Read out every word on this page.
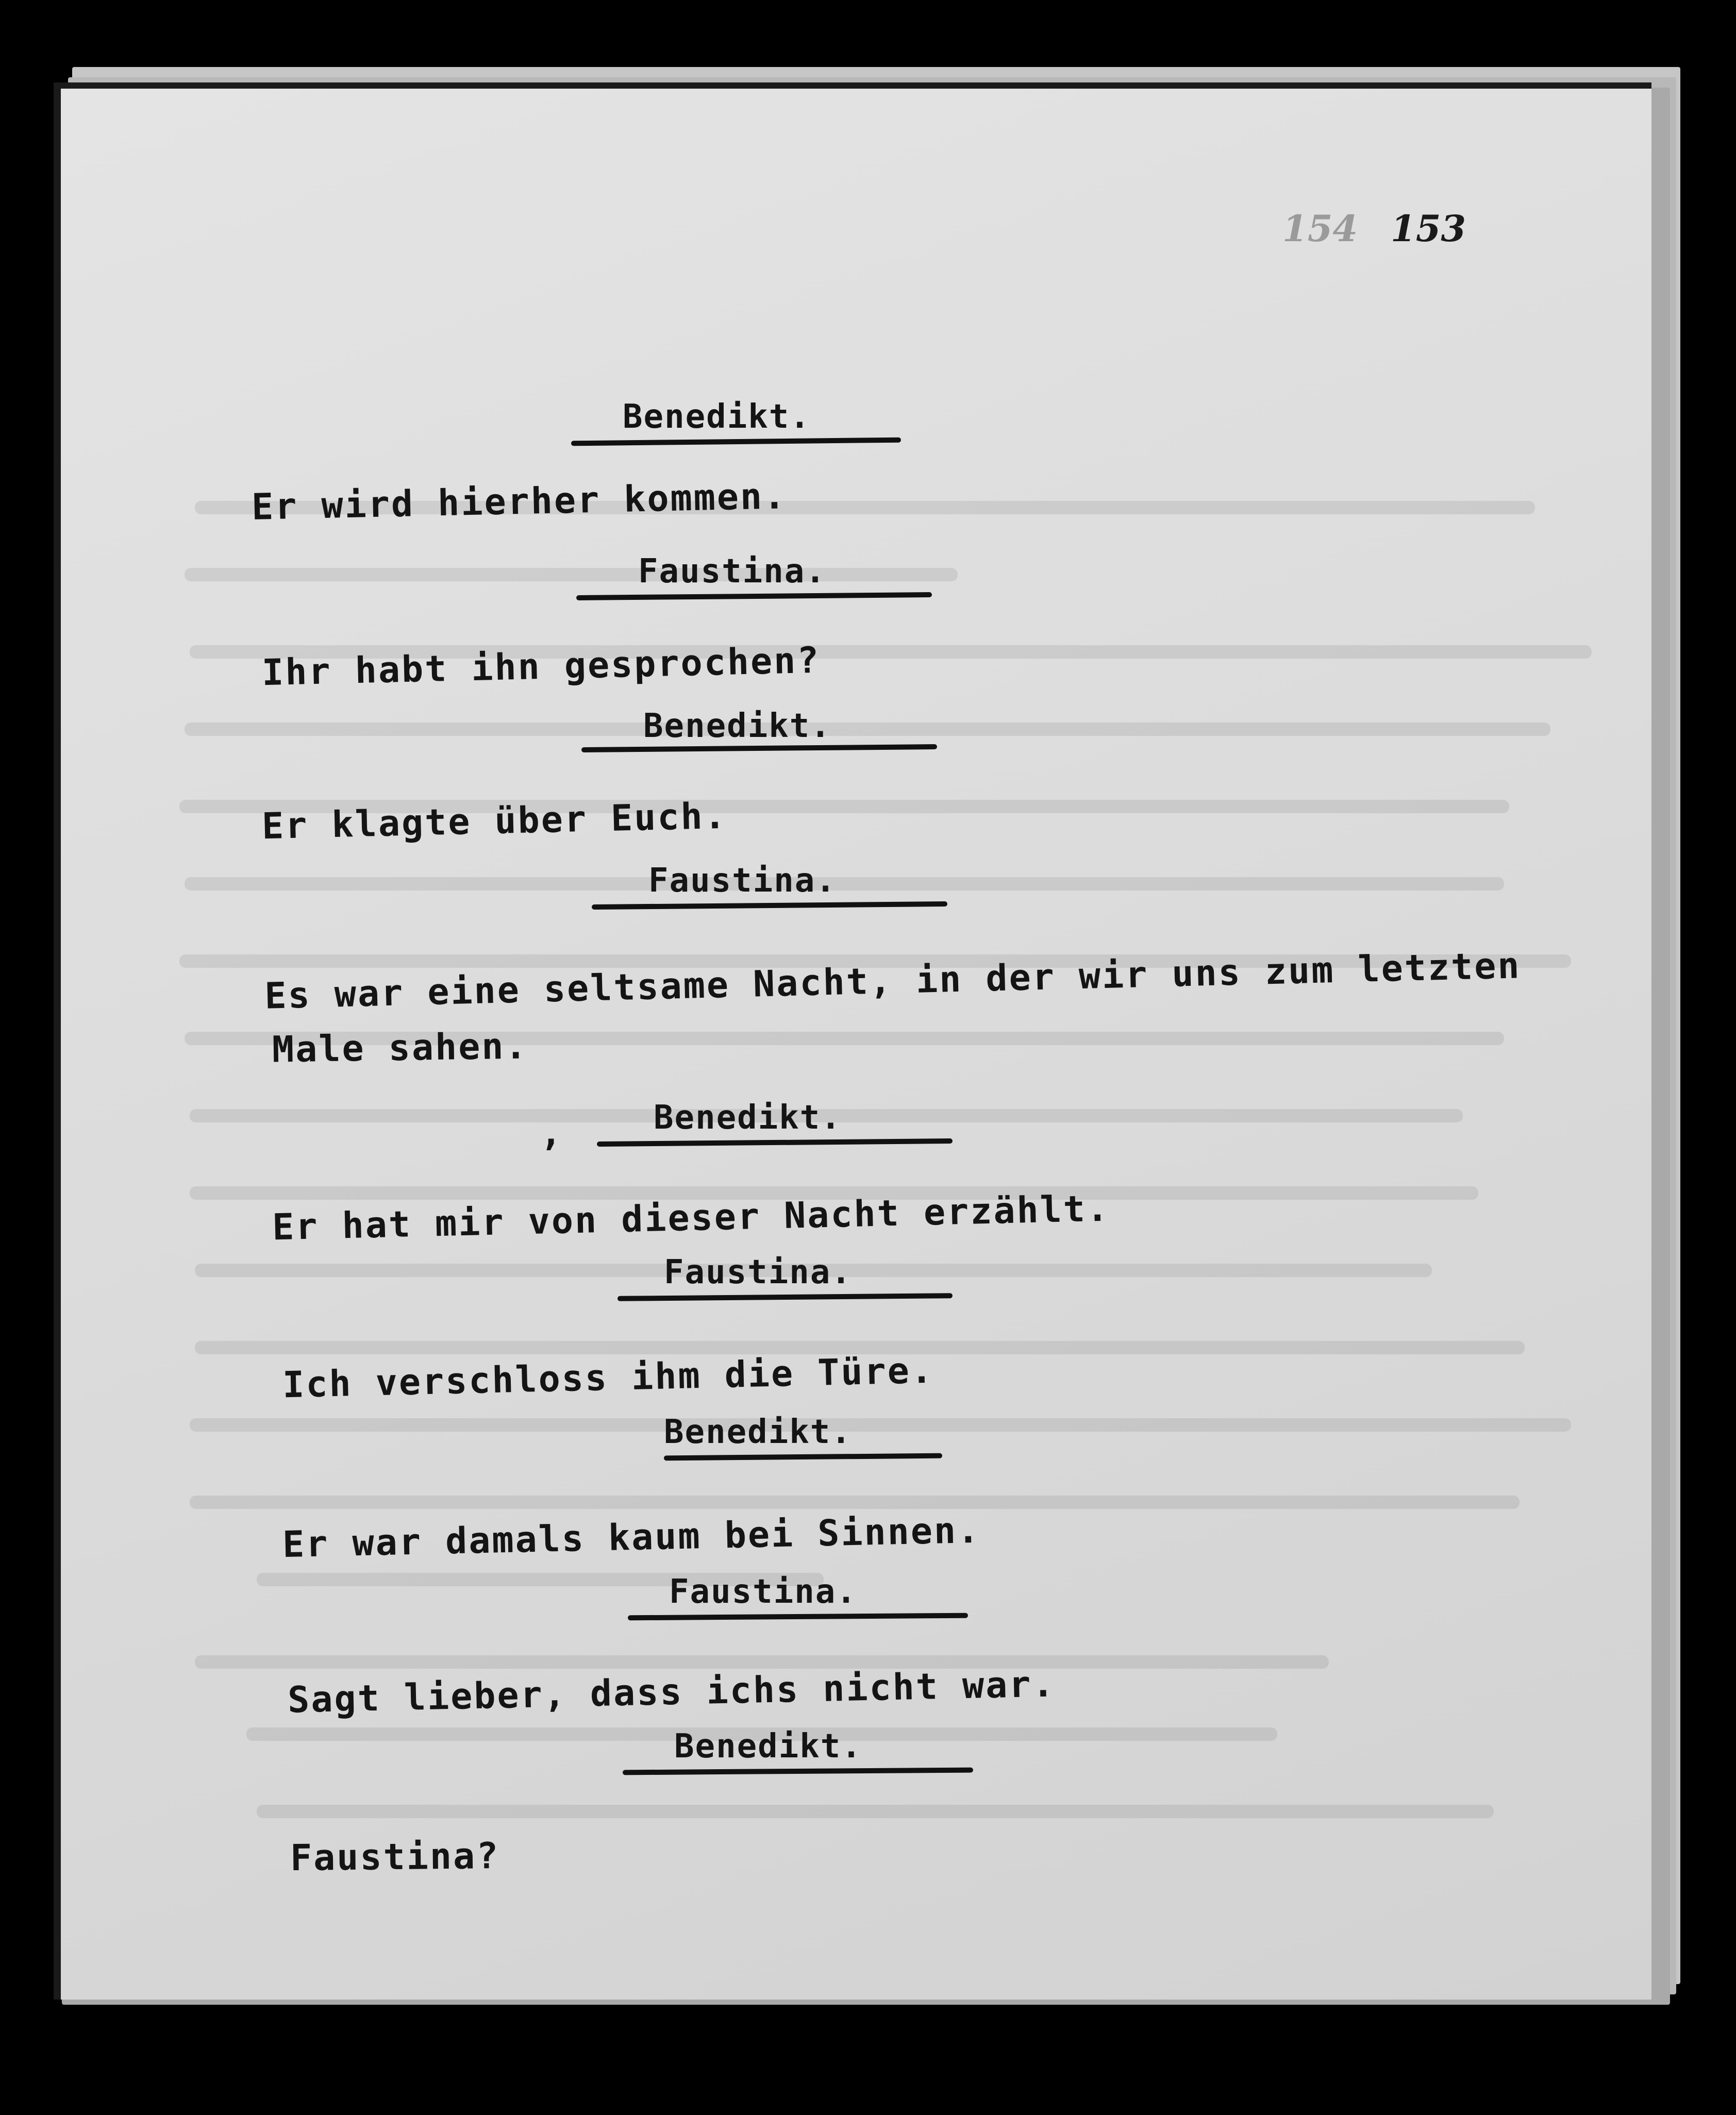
154 153
Benedikt.
Er wird hierher kommen.
Faustina.
Ihr habt ihn gesprochen?
Benedikt.
Er klagte über Euch.
Faustina.
Es war eine seltsame Nacht, in der wir uns zum letzten
Male sahen.
,	Benedikt.
Er hat mir von dieser Nacht erzählt.
Faustina.
Ich verschloss ihm die Türe.
Benedikt.
Er war damals kaum bei Sinnen.
Faustina.
Sagt lieber, dass ichs nicht war.
Benedikt.
Faustina?
